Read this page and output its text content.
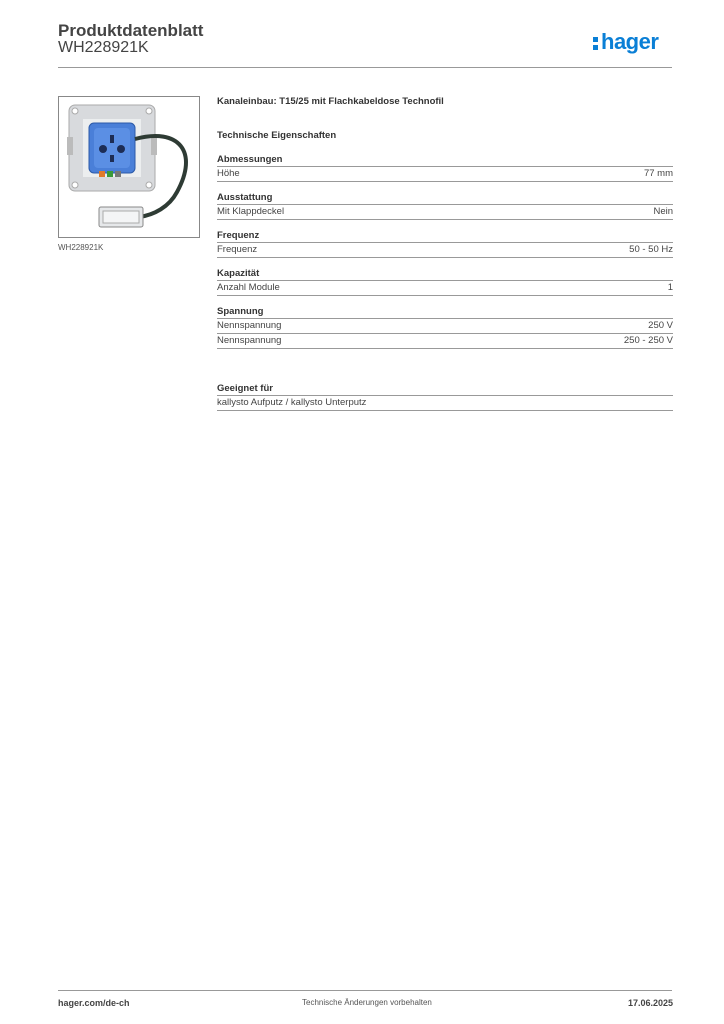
Produktdatenblatt
WH228921K	hager
WH228921K
Kanaleinbau: T15/25 mit Flachkabeldose Technofil
Technische Eigenschaften
Abmessungen
Höhe	77 mm
Ausstattung
Mit Klappdeckel	Nein
Frequenz
Frequenz	50 - 50 Hz
Kapazität
Anzahl Module	1
Spannung
Nennspannung	250 V
Nennspannung	250 - 250 V
Geeignet für
kallysto Aufputz / kallysto Unterputz
hager.com/de-ch	Technische Änderungen vorbehalten	17.06.2025
